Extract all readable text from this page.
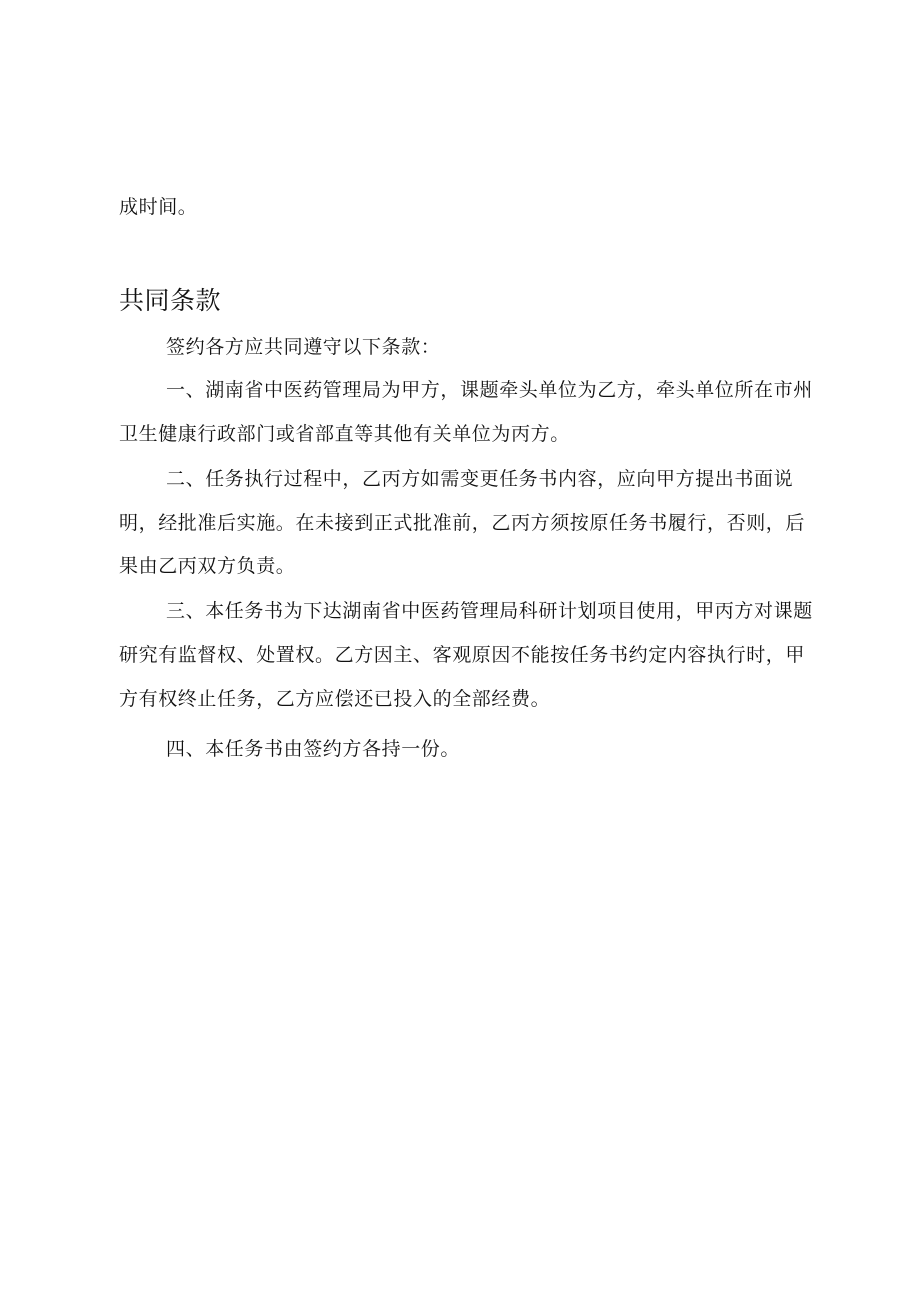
成时间。
共同条款
签约各方应共同遵守以下条款：
一、湖南省中医药管理局为甲方，课题牵头单位为乙方，牵头单位所在市州
卫生健康行政部门或省部直等其他有关单位为丙方。
二、任务执行过程中，乙丙方如需变更任务书内容，应向甲方提出书面说
明，经批准后实施。在未接到正式批准前，乙丙方须按原任务书履行，否则，后
果由乙丙双方负责。
三、本任务书为下达湖南省中医药管理局科研计划项目使用，甲丙方对课题
研究有监督权、处置权。乙方因主、客观原因不能按任务书约定内容执行时，甲
方有权终止任务，乙方应偿还已投入的全部经费。
四、本任务书由签约方各持一份。
